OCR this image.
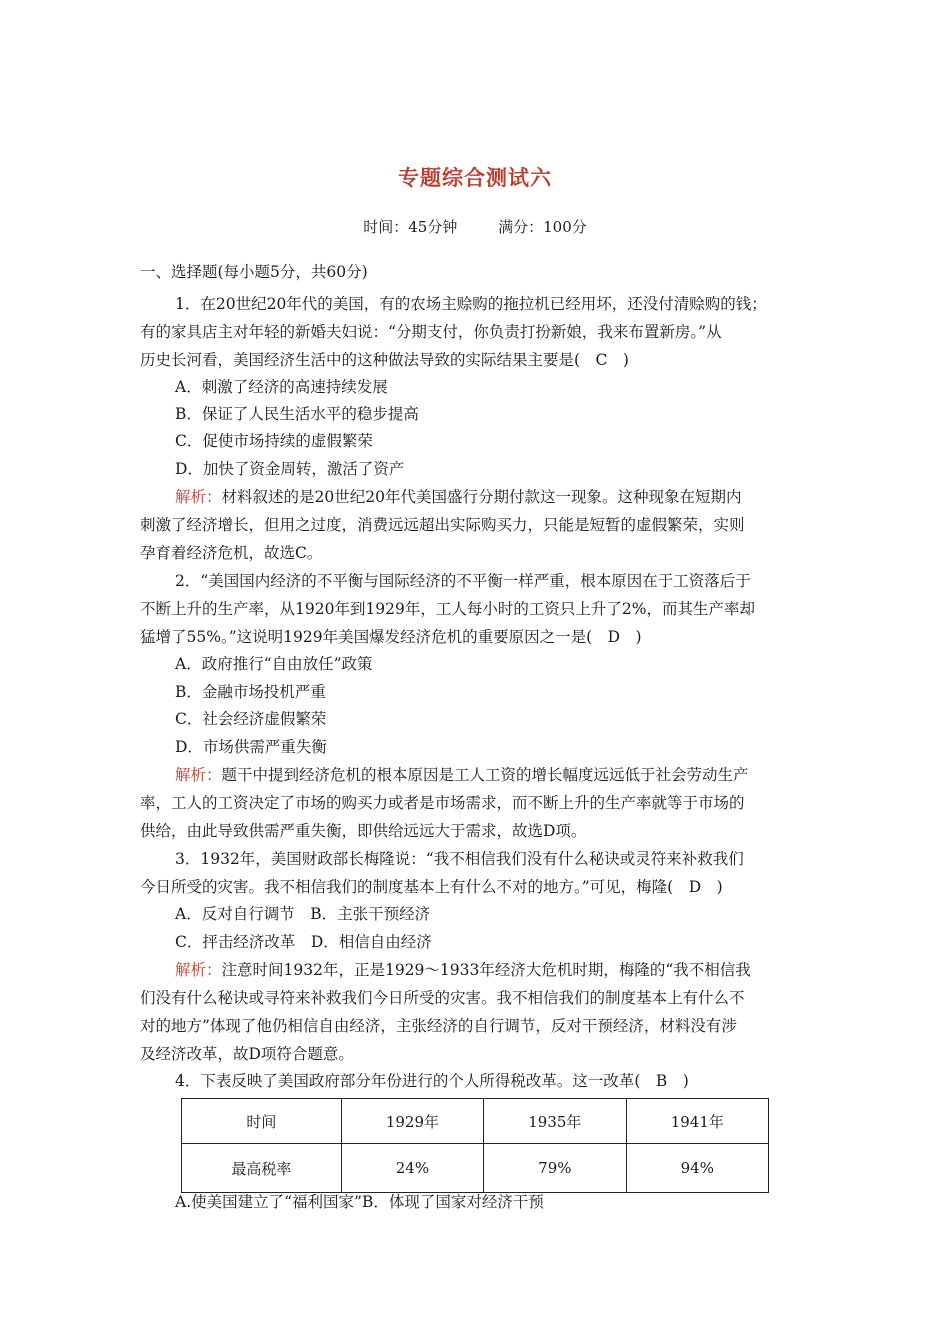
专题综合测试六
时间：45分钟	满分：100分
一、选择题(每小题5分，共60分)
1．在20世纪20年代的美国，有的农场主赊购的拖拉机已经用坏，还没付清赊购的钱；
有的家具店主对年轻的新婚夫妇说：“分期支付，你负责打扮新娘，我来布置新房。”从
历史长河看，美国经济生活中的这种做法导致的实际结果主要是(　C　)
A．刺激了经济的高速持续发展
B．保证了人民生活水平的稳步提高
C．促使市场持续的虚假繁荣
D．加快了资金周转，激活了资产
解析：材料叙述的是20世纪20年代美国盛行分期付款这一现象。这种现象在短期内
刺激了经济增长，但用之过度，消费远远超出实际购买力，只能是短暂的虚假繁荣，实则
孕育着经济危机，故选C。
2．“美国国内经济的不平衡与国际经济的不平衡一样严重，根本原因在于工资落后于
不断上升的生产率，从1920年到1929年，工人每小时的工资只上升了2%，而其生产率却
猛增了55%。”这说明1929年美国爆发经济危机的重要原因之一是(　D　)
A．政府推行“自由放任”政策
B．金融市场投机严重
C．社会经济虚假繁荣
D．市场供需严重失衡
解析：题干中提到经济危机的根本原因是工人工资的增长幅度远远低于社会劳动生产
率，工人的工资决定了市场的购买力或者是市场需求，而不断上升的生产率就等于市场的
供给，由此导致供需严重失衡，即供给远远大于需求，故选D项。
3．1932年，美国财政部长梅隆说：“我不相信我们没有什么秘诀或灵符来补救我们
今日所受的灾害。我不相信我们的制度基本上有什么不对的地方。”可见，梅隆(　D　)
A．反对自行调节　B．主张干预经济
C．抨击经济改革　D．相信自由经济
解析：注意时间1932年，正是1929～1933年经济大危机时期，梅隆的“我不相信我
们没有什么秘诀或寻符来补救我们今日所受的灾害。我不相信我们的制度基本上有什么不
对的地方”体现了他仍相信自由经济，主张经济的自行调节，反对干预经济，材料没有涉
及经济改革，故D项符合题意。
4．下表反映了美国政府部分年份进行的个人所得税改革。这一改革(　B　)
时间	1929年	1935年	1941年
最高税率	24%	79%	94%
A.使美国建立了“福利国家”B．体现了国家对经济干预
